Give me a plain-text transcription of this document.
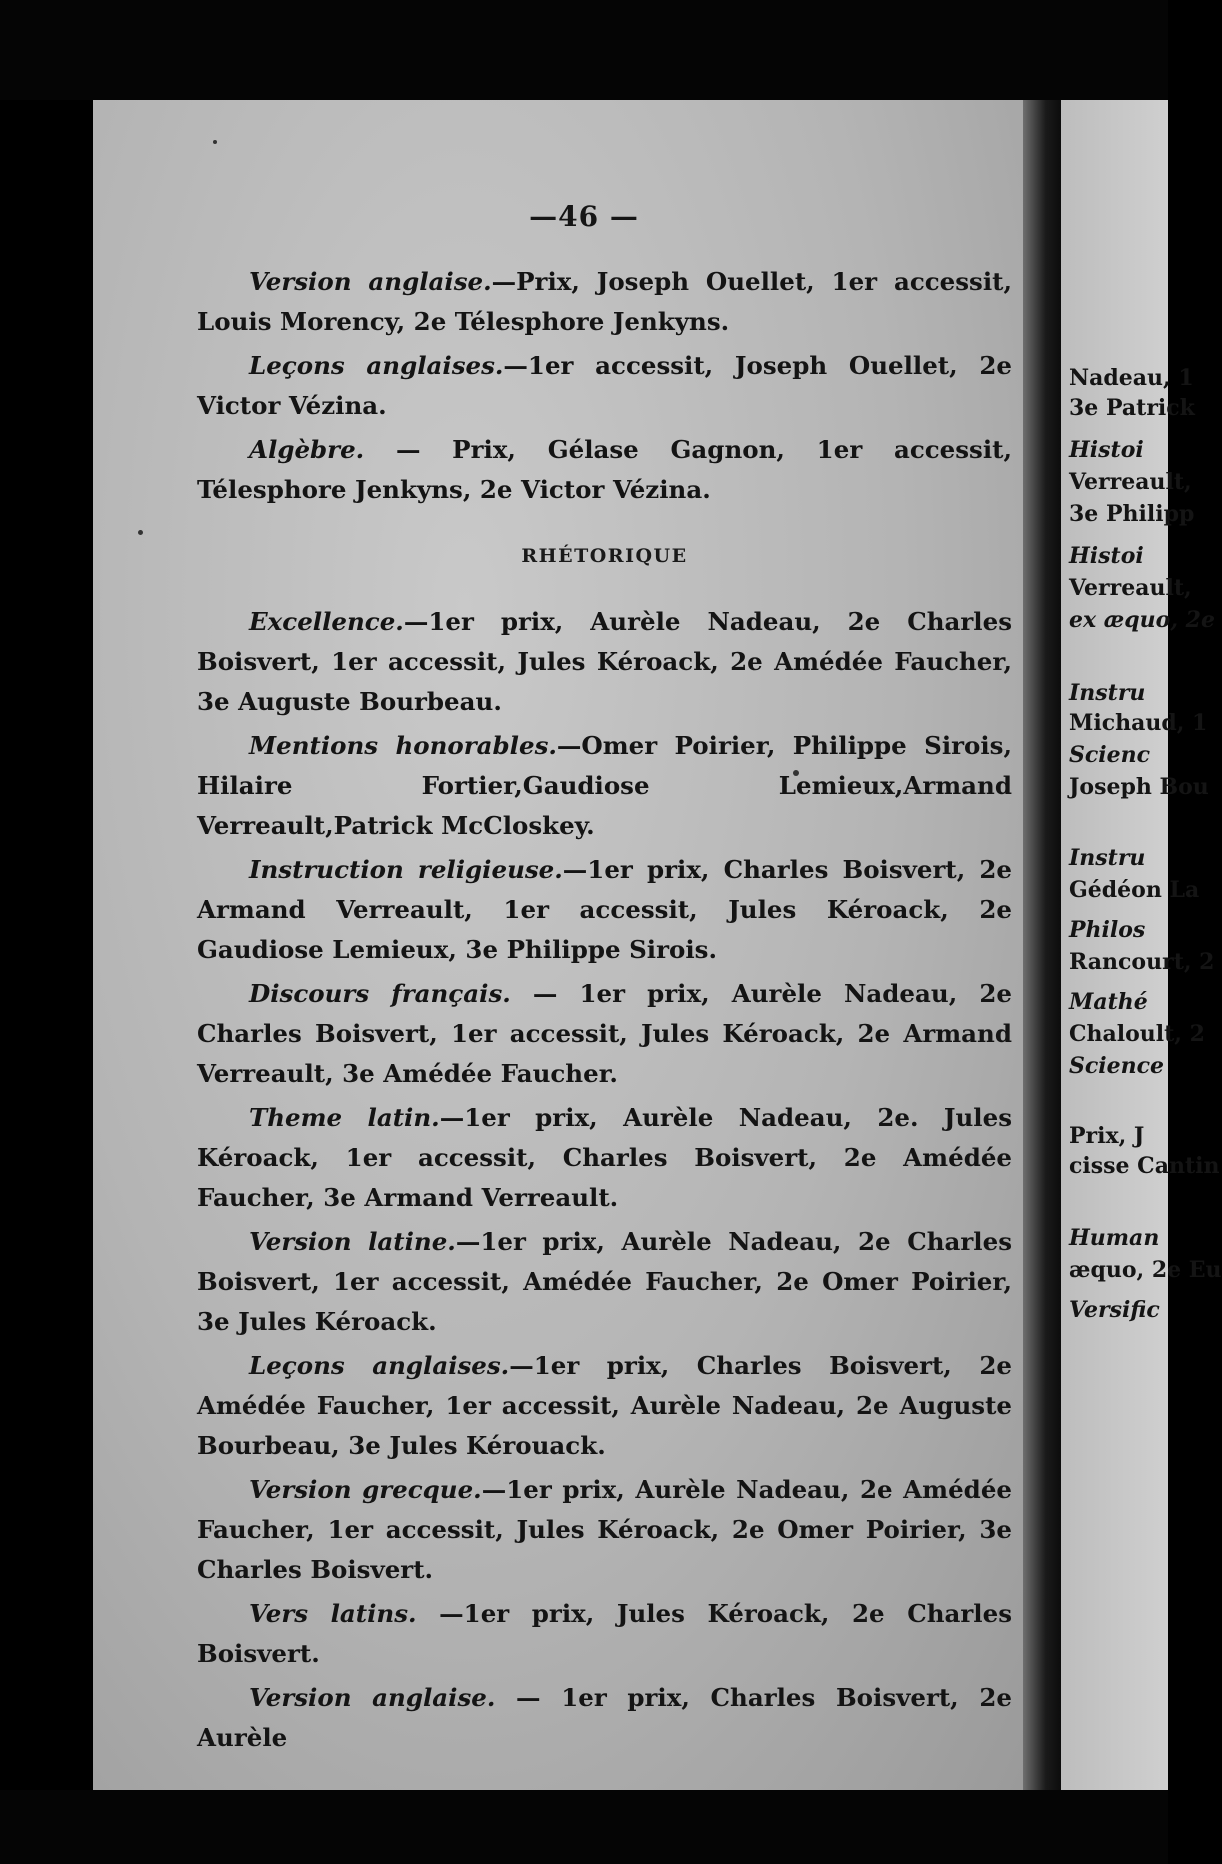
Nadeau, 1
3e Patrick
Histoi
Verreault,
3e Philipp
Histoi
Verreault,
ex æquo, 2e
Instru
Michaud, 1
Scienc
Joseph Bou
Instru
Gédéon La
Philos
Rancourt, 2
Mathé
Chaloult, 2
Science
Prix, J
cisse Cantin
Human
æquo, 2e Eu
Versific
—46 —
Version anglaise.—Prix, Joseph Ouellet, 1er accessit, Louis Morency, 2e Télesphore Jenkyns.
Leçons anglaises.—1er accessit, Joseph Ouellet, 2e Victor Vézina.
Algèbre. — Prix, Gélase Gagnon, 1er accessit, Télesphore Jenkyns, 2e Victor Vézina.
RHÉTORIQUE
Excellence.—1er prix, Aurèle Nadeau, 2e Charles Boisvert, 1er accessit, Jules Kéroack, 2e Amédée Faucher, 3e Auguste Bourbeau.
Mentions honorables.—Omer Poirier, Philippe Sirois, Hilaire Fortier,Gaudiose Lemieux,Armand Verreault,Patrick McCloskey.
Instruction religieuse.—1er prix, Charles Boisvert, 2e Armand Verreault, 1er accessit, Jules Kéroack, 2e Gaudiose Lemieux, 3e Philippe Sirois.
Discours français. — 1er prix, Aurèle Nadeau, 2e Charles Boisvert, 1er accessit, Jules Kéroack, 2e Armand Verreault, 3e Amédée Faucher.
Theme latin.—1er prix, Aurèle Nadeau, 2e. Jules Kéroack, 1er accessit, Charles Boisvert, 2e Amédée Faucher, 3e Armand Verreault.
Version latine.—1er prix, Aurèle Nadeau, 2e Charles Boisvert, 1er accessit, Amédée Faucher, 2e Omer Poirier, 3e Jules Kéroack.
Leçons anglaises.—1er prix, Charles Boisvert, 2e Amédée Faucher, 1er accessit, Aurèle Nadeau, 2e Auguste Bourbeau, 3e Jules Kérouack.
Version grecque.—1er prix, Aurèle Nadeau, 2e Amédée Faucher, 1er accessit, Jules Kéroack, 2e Omer Poirier, 3e Charles Boisvert.
Vers latins. —1er prix, Jules Kéroack, 2e Charles Boisvert.
Version anglaise. — 1er prix, Charles Boisvert, 2e Aurèle
